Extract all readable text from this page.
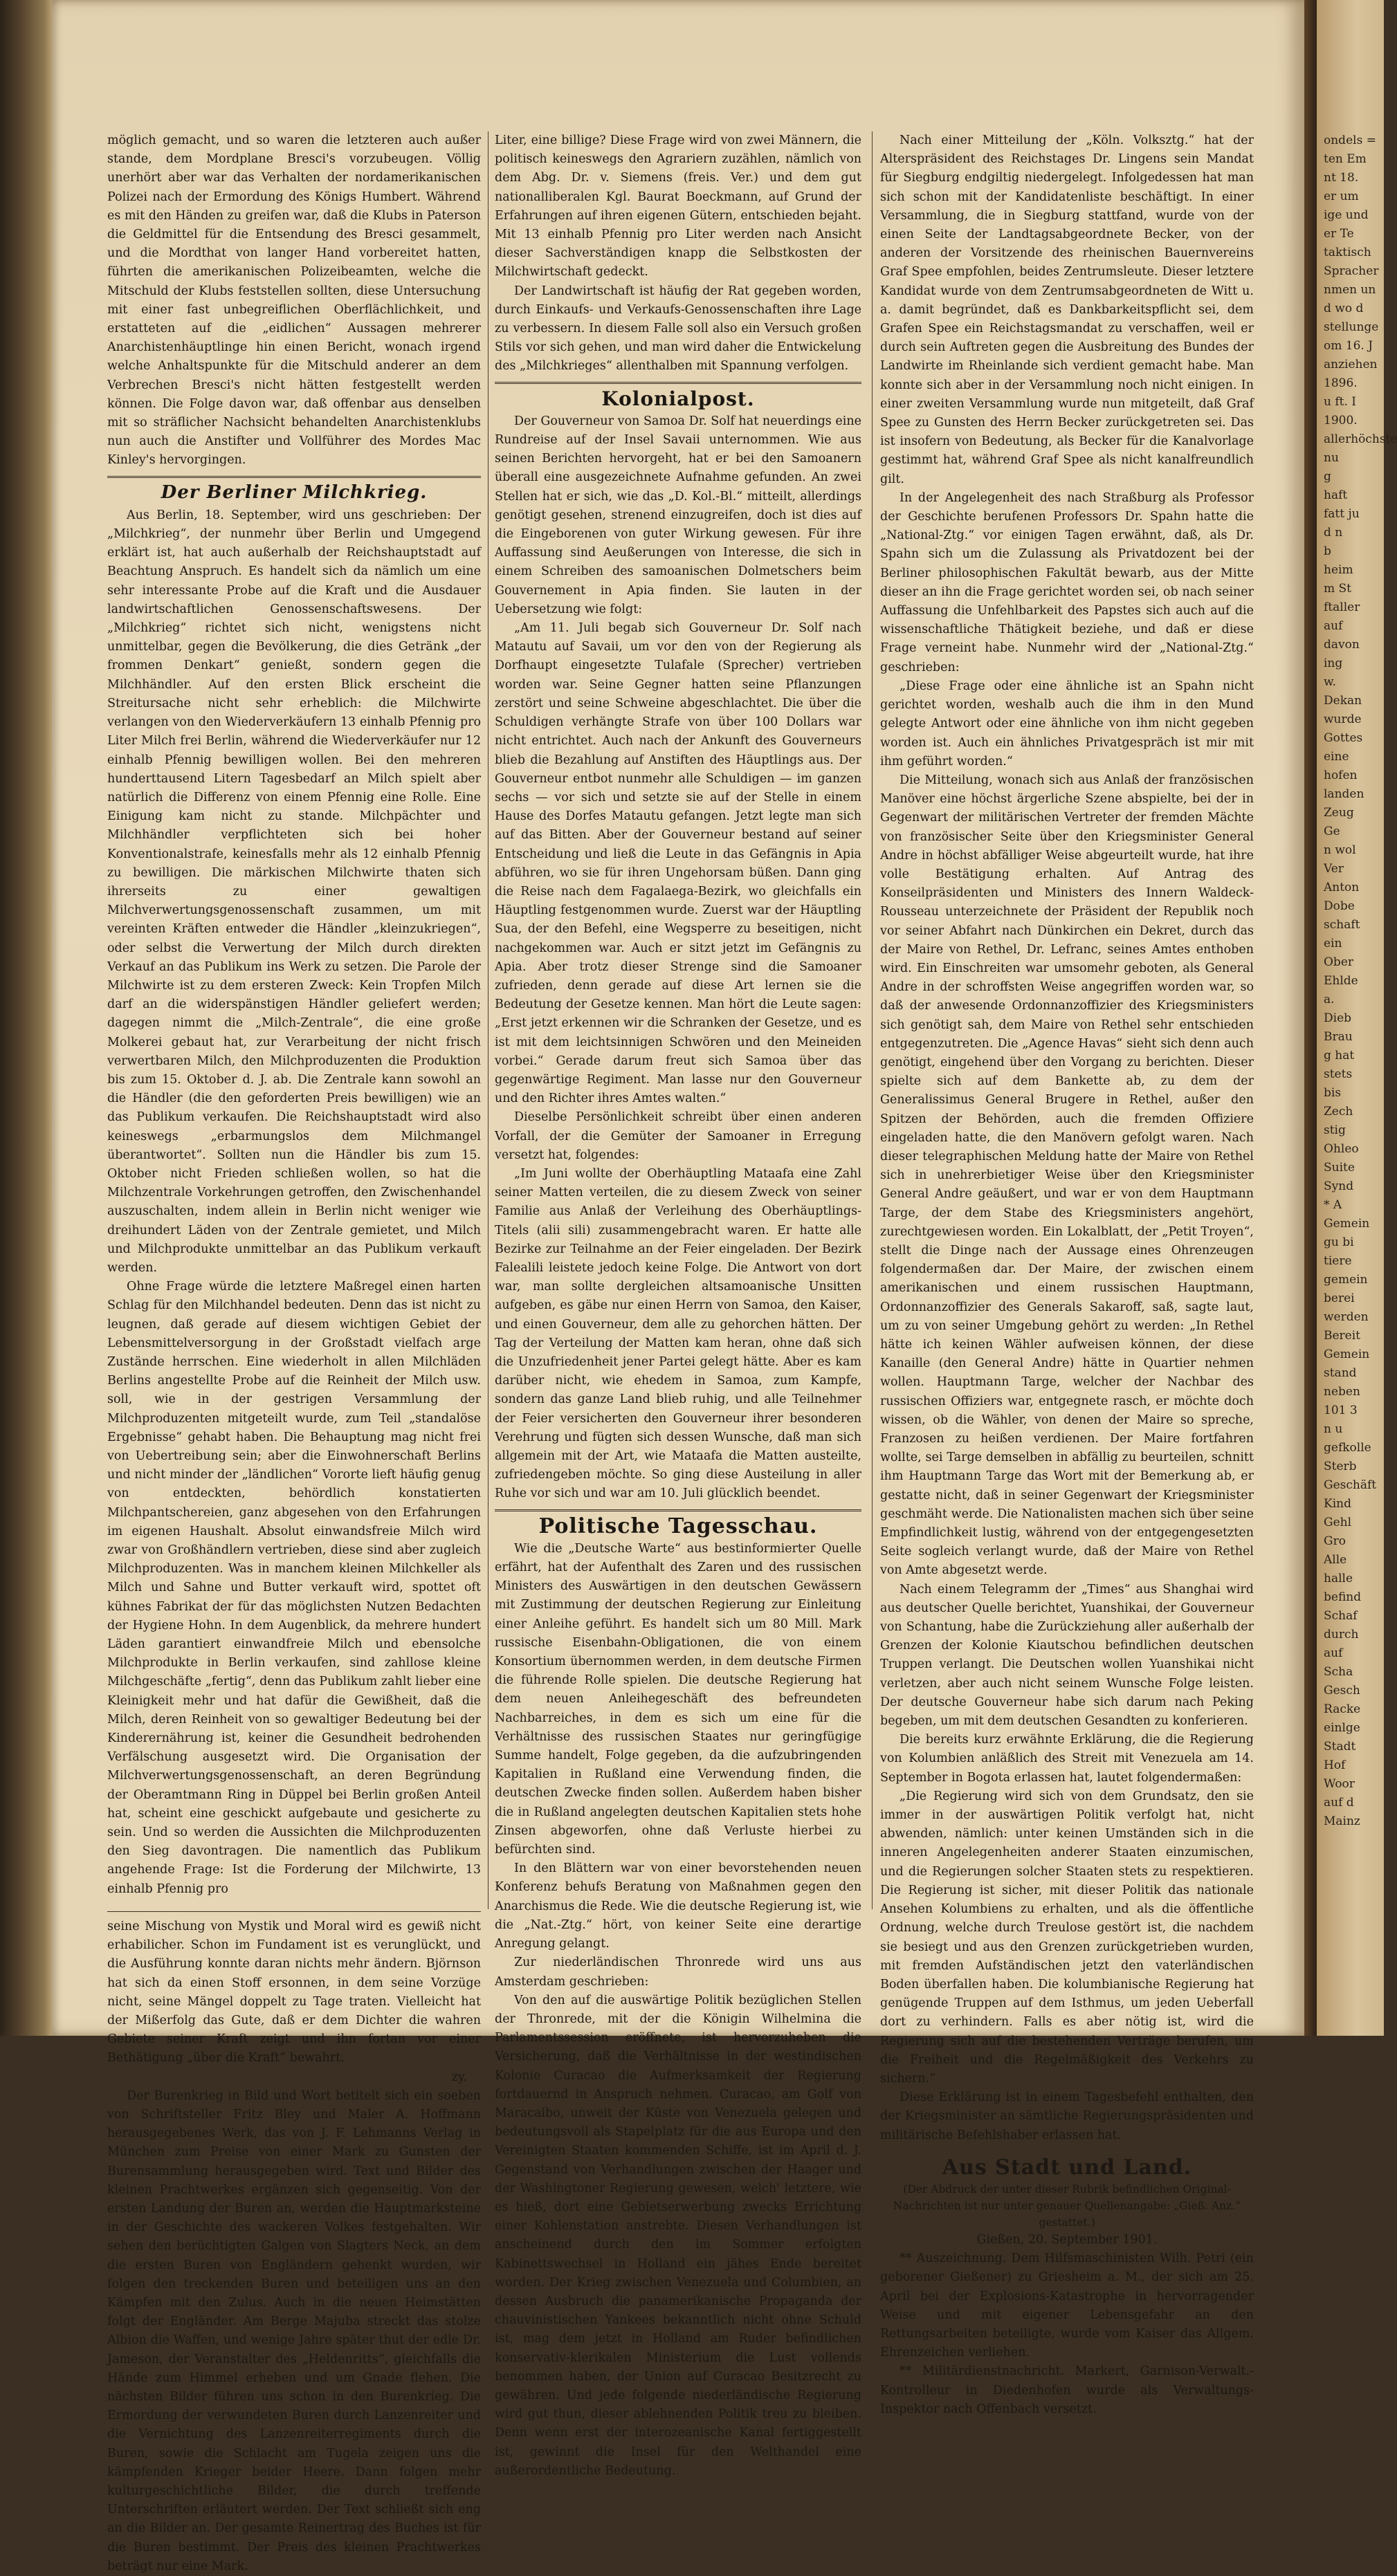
möglich gemacht, und so waren die letzteren auch außer stande, dem Mordplane Bresci's vorzubeugen. Völlig unerhört aber war das Verhalten der nordamerikanischen Polizei nach der Ermordung des Königs Humbert. Während es mit den Händen zu greifen war, daß die Klubs in Paterson die Geldmittel für die Entsendung des Bresci gesammelt, und die Mordthat von langer Hand vorbereitet hatten, führten die amerikanischen Polizeibeamten, welche die Mitschuld der Klubs feststellen sollten, diese Untersuchung mit einer fast unbegreiflichen Oberflächlichkeit, und erstatteten auf die „eidlichen“ Aussagen mehrerer Anarchistenhäuptlinge hin einen Bericht, wonach irgend welche Anhaltspunkte für die Mitschuld anderer an dem Verbrechen Bresci's nicht hätten festgestellt werden können. Die Folge davon war, daß offenbar aus denselben mit so sträflicher Nachsicht behandelten Anarchistenklubs nun auch die Anstifter und Vollführer des Mordes Mac Kinley's hervorgingen.

Der Berliner Milchkrieg.

Aus Berlin, 18. September, wird uns geschrieben: Der „Milchkrieg“, der nunmehr über Berlin und Umgegend erklärt ist, hat auch außerhalb der Reichshauptstadt auf Beachtung Anspruch. Es handelt sich da nämlich um eine sehr interessante Probe auf die Kraft und die Ausdauer landwirtschaftlichen Genossenschaftswesens. Der „Milchkrieg“ richtet sich nicht, wenigstens nicht unmittelbar, gegen die Bevölkerung, die dies Getränk „der frommen Denkart“ genießt, sondern gegen die Milchhändler. Auf den ersten Blick erscheint die Streitursache nicht sehr erheblich: die Milchwirte verlangen von den Wiederverkäufern 13 einhalb Pfennig pro Liter Milch frei Berlin, während die Wiederverkäufer nur 12 einhalb Pfennig bewilligen wollen. Bei den mehreren hunderttausend Litern Tagesbedarf an Milch spielt aber natürlich die Differenz von einem Pfennig eine Rolle. Eine Einigung kam nicht zu stande. Milchpächter und Milchhändler verpflichteten sich bei hoher Konventionalstrafe, keinesfalls mehr als 12 einhalb Pfennig zu bewilligen. Die märkischen Milchwirte thaten sich ihrerseits zu einer gewaltigen Milchverwertungsgenossenschaft zusammen, um mit vereinten Kräften entweder die Händler „kleinzukriegen“, oder selbst die Verwertung der Milch durch direkten Verkauf an das Publikum ins Werk zu setzen. Die Parole der Milchwirte ist zu dem ersteren Zweck: Kein Tropfen Milch darf an die widerspänstigen Händler geliefert werden; dagegen nimmt die „Milch-Zentrale“, die eine große Molkerei gebaut hat, zur Verarbeitung der nicht frisch verwertbaren Milch, den Milchproduzenten die Produktion bis zum 15. Oktober d. J. ab. Die Zentrale kann sowohl an die Händler (die den geforderten Preis bewilligen) wie an das Publikum verkaufen. Die Reichshauptstadt wird also keineswegs „erbarmungslos dem Milchmangel überantwortet“. Sollten nun die Händler bis zum 15. Oktober nicht Frieden schließen wollen, so hat die Milchzentrale Vorkehrungen getroffen, den Zwischenhandel auszuschalten, indem allein in Berlin nicht weniger wie dreihundert Läden von der Zentrale gemietet, und Milch und Milchprodukte unmittelbar an das Publikum verkauft werden.

Ohne Frage würde die letztere Maßregel einen harten Schlag für den Milchhandel bedeuten. Denn das ist nicht zu leugnen, daß gerade auf diesem wichtigen Gebiet der Lebensmittelversorgung in der Großstadt vielfach arge Zustände herrschen. Eine wiederholt in allen Milchläden Berlins angestellte Probe auf die Reinheit der Milch usw. soll, wie in der gestrigen Versammlung der Milchproduzenten mitgeteilt wurde, zum Teil „standalöse Ergebnisse“ gehabt haben. Die Behauptung mag nicht frei von Uebertreibung sein; aber die Einwohnerschaft Berlins und nicht minder der „ländlichen“ Vororte lieft häufig genug von entdeckten, behördlich konstatierten Milchpantschereien, ganz abgesehen von den Erfahrungen im eigenen Haushalt. Absolut einwandsfreie Milch wird zwar von Großhändlern vertrieben, diese sind aber zugleich Milchproduzenten. Was in manchem kleinen Milchkeller als Milch und Sahne und Butter verkauft wird, spottet oft kühnes Fabrikat der für das möglichsten Nutzen Bedachten der Hygiene Hohn. In dem Augenblick, da mehrere hundert Läden garantiert einwandfreie Milch und ebensolche Milchprodukte in Berlin verkaufen, sind zahllose kleine Milchgeschäfte „fertig“, denn das Publikum zahlt lieber eine Kleinigkeit mehr und hat dafür die Gewißheit, daß die Milch, deren Reinheit von so gewaltiger Bedeutung bei der Kinderernährung ist, keiner die Gesundheit bedrohenden Verfälschung ausgesetzt wird. Die Organisation der Milchverwertungsgenossenschaft, an deren Begründung der Oberamtmann Ring in Düppel bei Berlin großen Anteil hat, scheint eine geschickt aufgebaute und gesicherte zu sein. Und so werden die Aussichten die Milchproduzenten den Sieg davontragen. Die namentlich das Publikum angehende Frage: Ist die Forderung der Milchwirte, 13 einhalb Pfennig pro

seine Mischung von Mystik und Moral wird es gewiß nicht erhabilicher. Schon im Fundament ist es verunglückt, und die Ausführung konnte daran nichts mehr ändern. Björnson hat sich da einen Stoff ersonnen, in dem seine Vorzüge nicht, seine Mängel doppelt zu Tage traten. Vielleicht hat der Mißerfolg das Gute, daß er dem Dichter die wahren Gebiete seiner Kraft zeigt und ihn fortan vor einer Bethätigung „über die Kraft“ bewahrt.

zy.

Der Burenkrieg in Bild und Wort betitelt sich ein soeben von Schriftsteller Fritz Bley und Maler A. Hoffmann herausgegebenes Werk, das von J. F. Lehmanns Verlag in München zum Preise von einer Mark zu Gunsten der Burensammlung herausgegeben wird. Text und Bilder des kleinen Prachtwerkes ergänzen sich gegenseitig. Von der ersten Landung der Buren an, werden die Hauptmarksteine in der Geschichte des wackeren Volkes festgehalten. Wir sehen den berüchtigten Galgen von Slagters Neck, an dem die ersten Buren von Engländern gehenkt wurden, wir folgen den treckenden Buren und beteiligen uns an den Kämpfen mit den Zulus. Auch in die neuen Heimstätten folgt der Engländer. Am Berge Majuba streckt das stolze Albion die Waffen, und wenige Jahre später thut der edle Dr. Jameson, der Veranstalter des „Heldenritts“, gleichfalls die Hände zum Himmel erheben und um Gnade flehen. Die nächsten Bilder führen uns schon in den Burenkrieg. Die Ermordung der verwundeten Buren durch Lanzenreiter und die Vernichtung des Lanzenreiterregiments durch die Buren, sowie die Schlacht am Tugela zeigen uns die kämpfenden Krieger beider Heere. Dann folgen mehr kulturgeschichtliche Bilder, die durch treffende Unterschriften erläutert werden. Der Text schließt sich eng an die Bilder an. Der gesamte Reinertrag des Buches ist für die Buren bestimmt. Der Preis des kleinen Prachtwerkes beträgt nur eine Mark.

Liter, eine billige? Diese Frage wird von zwei Männern, die politisch keineswegs den Agrariern zuzählen, nämlich von dem Abg. Dr. v. Siemens (freis. Ver.) und dem gut nationalliberalen Kgl. Baurat Boeckmann, auf Grund der Erfahrungen auf ihren eigenen Gütern, entschieden bejaht. Mit 13 einhalb Pfennig pro Liter werden nach Ansicht dieser Sachverständigen knapp die Selbstkosten der Milchwirtschaft gedeckt.

Der Landwirtschaft ist häufig der Rat gegeben worden, durch Einkaufs- und Verkaufs-Genossenschaften ihre Lage zu verbessern. In diesem Falle soll also ein Versuch großen Stils vor sich gehen, und man wird daher die Entwickelung des „Milchkrieges“ allenthalben mit Spannung verfolgen.

Kolonialpost.

Der Gouverneur von Samoa Dr. Solf hat neuerdings eine Rundreise auf der Insel Savaii unternommen. Wie aus seinen Berichten hervorgeht, hat er bei den Samoanern überall eine ausgezeichnete Aufnahme gefunden. An zwei Stellen hat er sich, wie das „D. Kol.-Bl.“ mitteilt, allerdings genötigt gesehen, strenend einzugreifen, doch ist dies auf die Eingeborenen von guter Wirkung gewesen. Für ihre Auffassung sind Aeußerungen von Interesse, die sich in einem Schreiben des samoanischen Dolmetschers beim Gouvernement in Apia finden. Sie lauten in der Uebersetzung wie folgt:

„Am 11. Juli begab sich Gouverneur Dr. Solf nach Matautu auf Savaii, um vor den von der Regierung als Dorfhaupt eingesetzte Tulafale (Sprecher) vertrieben worden war. Seine Gegner hatten seine Pflanzungen zerstört und seine Schweine abgeschlachtet. Die über die Schuldigen verhängte Strafe von über 100 Dollars war nicht entrichtet. Auch nach der Ankunft des Gouverneurs blieb die Bezahlung auf Anstiften des Häuptlings aus. Der Gouverneur entbot nunmehr alle Schuldigen — im ganzen sechs — vor sich und setzte sie auf der Stelle in einem Hause des Dorfes Matautu gefangen. Jetzt legte man sich auf das Bitten. Aber der Gouverneur bestand auf seiner Entscheidung und ließ die Leute in das Gefängnis in Apia abführen, wo sie für ihren Ungehorsam büßen. Dann ging die Reise nach dem Fagalaega-Bezirk, wo gleichfalls ein Häuptling festgenommen wurde. Zuerst war der Häuptling Sua, der den Befehl, eine Wegsperre zu beseitigen, nicht nachgekommen war. Auch er sitzt jetzt im Gefängnis zu Apia. Aber trotz dieser Strenge sind die Samoaner zufrieden, denn gerade auf diese Art lernen sie die Bedeutung der Gesetze kennen. Man hört die Leute sagen: „Erst jetzt erkennen wir die Schranken der Gesetze, und es ist mit dem leichtsinnigen Schwören und den Meineiden vorbei.“ Gerade darum freut sich Samoa über das gegenwärtige Regiment. Man lasse nur den Gouverneur und den Richter ihres Amtes walten.“

Dieselbe Persönlichkeit schreibt über einen anderen Vorfall, der die Gemüter der Samoaner in Erregung versetzt hat, folgendes:

„Im Juni wollte der Oberhäuptling Mataafa eine Zahl seiner Matten verteilen, die zu diesem Zweck von seiner Familie aus Anlaß der Verleihung des Oberhäuptlings-Titels (alii sili) zusammengebracht waren. Er hatte alle Bezirke zur Teilnahme an der Feier eingeladen. Der Bezirk Falealili leistete jedoch keine Folge. Die Antwort von dort war, man sollte dergleichen altsamoanische Unsitten aufgeben, es gäbe nur einen Herrn von Samoa, den Kaiser, und einen Gouverneur, dem alle zu gehorchen hätten. Der Tag der Verteilung der Matten kam heran, ohne daß sich die Unzufriedenheit jener Partei gelegt hätte. Aber es kam darüber nicht, wie ehedem in Samoa, zum Kampfe, sondern das ganze Land blieb ruhig, und alle Teilnehmer der Feier versicherten den Gouverneur ihrer besonderen Verehrung und fügten sich dessen Wunsche, daß man sich allgemein mit der Art, wie Mataafa die Matten austeilte, zufriedengeben möchte. So ging diese Austeilung in aller Ruhe vor sich und war am 10. Juli glücklich beendet.

Politische Tagesschau.

Wie die „Deutsche Warte“ aus bestinformierter Quelle erfährt, hat der Aufenthalt des Zaren und des russischen Ministers des Auswärtigen in den deutschen Gewässern mit Zustimmung der deutschen Regierung zur Einleitung einer Anleihe geführt. Es handelt sich um 80 Mill. Mark russische Eisenbahn-Obligationen, die von einem Konsortium übernommen werden, in dem deutsche Firmen die führende Rolle spielen. Die deutsche Regierung hat dem neuen Anleihegeschäft des befreundeten Nachbarreiches, in dem es sich um eine für die Verhältnisse des russischen Staates nur geringfügige Summe handelt, Folge gegeben, da die aufzubringenden Kapitalien in Rußland eine Verwendung finden, die deutschen Zwecke finden sollen. Außerdem haben bisher die in Rußland angelegten deutschen Kapitalien stets hohe Zinsen abgeworfen, ohne daß Verluste hierbei zu befürchten sind.

In den Blättern war von einer bevorstehenden neuen Konferenz behufs Beratung von Maßnahmen gegen den Anarchismus die Rede. Wie die deutsche Regierung ist, wie die „Nat.-Ztg.“ hört, von keiner Seite eine derartige Anregung gelangt.

Zur niederländischen Thronrede wird uns aus Amsterdam geschrieben:

Von den auf die auswärtige Politik bezüglichen Stellen der Thronrede, mit der die Königin Wilhelmina die Parlamentssession eröffnete, ist hervorzuheben die Versicherung, daß die Verhältnisse in der westindischen Kolonie Curacao die Aufmerksamkeit der Regierung fortdauernd in Anspruch nehmen. Curacao, am Golf von Maracaibo, unweit der Küste von Venezuela gelegen und bedeutungsvoll als Stapelplatz für die aus Europa und den Vereinigten Staaten kommenden Schiffe, ist im April d. J. Gegenstand von Verhandlungen zwischen der Haager und der Washingtoner Regierung gewesen, welch' letztere, wie es hieß, dort eine Gebietserwerbung zwecks Errichtung einer Kohlenstation anstrebte. Diesen Verhandlungen ist anscheinend durch den im Sommer erfolgten Kabinettswechsel in Holland ein jähes Ende bereitet worden. Der Krieg zwischen Venezuela und Columbien, an dessen Ausbruch die panamerikanische Propaganda der chauvinistischen Yankees bekanntlich nicht ohne Schuld ist, mag dem jetzt in Holland am Ruder befindlichen konservativ-klerikalen Ministerium die Lust vollends benommen haben, der Union auf Curacao Besitzrecht zu gewähren. Und jede folgende niederländische Regierung wird gut thun, dieser ablehnenden Politik treu zu bleiben. Denn wenn erst der interozeanische Kanal fertiggestellt ist, gewinnt die Insel für den Welthandel eine außerordentliche Bedeutung.

Nach einer Mitteilung der „Köln. Volksztg.“ hat der Alterspräsident des Reichstages Dr. Lingens sein Mandat für Siegburg endgiltig niedergelegt. Infolgedessen hat man sich schon mit der Kandidatenliste beschäftigt. In einer Versammlung, die in Siegburg stattfand, wurde von der einen Seite der Landtagsabgeordnete Becker, von der anderen der Vorsitzende des rheinischen Bauernvereins Graf Spee empfohlen, beides Zentrumsleute. Dieser letztere Kandidat wurde von dem Zentrumsabgeordneten de Witt u. a. damit begründet, daß es Dankbarkeitspflicht sei, dem Grafen Spee ein Reichstagsmandat zu verschaffen, weil er durch sein Auftreten gegen die Ausbreitung des Bundes der Landwirte im Rheinlande sich verdient gemacht habe. Man konnte sich aber in der Versammlung noch nicht einigen. In einer zweiten Versammlung wurde nun mitgeteilt, daß Graf Spee zu Gunsten des Herrn Becker zurückgetreten sei. Das ist insofern von Bedeutung, als Becker für die Kanalvorlage gestimmt hat, während Graf Spee als nicht kanalfreundlich gilt.

In der Angelegenheit des nach Straßburg als Professor der Geschichte berufenen Professors Dr. Spahn hatte die „National-Ztg.“ vor einigen Tagen erwähnt, daß, als Dr. Spahn sich um die Zulassung als Privatdozent bei der Berliner philosophischen Fakultät bewarb, aus der Mitte dieser an ihn die Frage gerichtet worden sei, ob nach seiner Auffassung die Unfehlbarkeit des Papstes sich auch auf die wissenschaftliche Thätigkeit beziehe, und daß er diese Frage verneint habe. Nunmehr wird der „National-Ztg.“ geschrieben:

„Diese Frage oder eine ähnliche ist an Spahn nicht gerichtet worden, weshalb auch die ihm in den Mund gelegte Antwort oder eine ähnliche von ihm nicht gegeben worden ist. Auch ein ähnliches Privatgespräch ist mir mit ihm geführt worden.“

Die Mitteilung, wonach sich aus Anlaß der französischen Manöver eine höchst ärgerliche Szene abspielte, bei der in Gegenwart der militärischen Vertreter der fremden Mächte von französischer Seite über den Kriegsminister General Andre in höchst abfälliger Weise abgeurteilt wurde, hat ihre volle Bestätigung erhalten. Auf Antrag des Konseilpräsidenten und Ministers des Innern Waldeck-Rousseau unterzeichnete der Präsident der Republik noch vor seiner Abfahrt nach Dünkirchen ein Dekret, durch das der Maire von Rethel, Dr. Lefranc, seines Amtes enthoben wird. Ein Einschreiten war umsomehr geboten, als General Andre in der schroffsten Weise angegriffen worden war, so daß der anwesende Ordonnanzoffizier des Kriegsministers sich genötigt sah, dem Maire von Rethel sehr entschieden entgegenzutreten. Die „Agence Havas“ sieht sich denn auch genötigt, eingehend über den Vorgang zu berichten. Dieser spielte sich auf dem Bankette ab, zu dem der Generalissimus General Brugere in Rethel, außer den Spitzen der Behörden, auch die fremden Offiziere eingeladen hatte, die den Manövern gefolgt waren. Nach dieser telegraphischen Meldung hatte der Maire von Rethel sich in unehrerbietiger Weise über den Kriegsminister General Andre geäußert, und war er von dem Hauptmann Targe, der dem Stabe des Kriegsministers angehört, zurechtgewiesen worden. Ein Lokalblatt, der „Petit Troyen“, stellt die Dinge nach der Aussage eines Ohrenzeugen folgendermaßen dar. Der Maire, der zwischen einem amerikanischen und einem russischen Hauptmann, Ordonnanzoffizier des Generals Sakaroff, saß, sagte laut, um zu von seiner Umgebung gehört zu werden: „In Rethel hätte ich keinen Wähler aufweisen können, der diese Kanaille (den General Andre) hätte in Quartier nehmen wollen. Hauptmann Targe, welcher der Nachbar des russischen Offiziers war, entgegnete rasch, er möchte doch wissen, ob die Wähler, von denen der Maire so spreche, Franzosen zu heißen verdienen. Der Maire fortfahren wollte, sei Targe demselben in abfällig zu beurteilen, schnitt ihm Hauptmann Targe das Wort mit der Bemerkung ab, er gestatte nicht, daß in seiner Gegenwart der Kriegsminister geschmäht werde. Die Nationalisten machen sich über seine Empfindlichkeit lustig, während von der entgegengesetzten Seite sogleich verlangt wurde, daß der Maire von Rethel von Amte abgesetzt werde.

Nach einem Telegramm der „Times“ aus Shanghai wird aus deutscher Quelle berichtet, Yuanshikai, der Gouverneur von Schantung, habe die Zurückziehung aller außerhalb der Grenzen der Kolonie Kiautschou befindlichen deutschen Truppen verlangt. Die Deutschen wollen Yuanshikai nicht verletzen, aber auch nicht seinem Wunsche Folge leisten. Der deutsche Gouverneur habe sich darum nach Peking begeben, um mit dem deutschen Gesandten zu konferieren.

Die bereits kurz erwähnte Erklärung, die die Regierung von Kolumbien anläßlich des Streit mit Venezuela am 14. September in Bogota erlassen hat, lautet folgendermaßen:

„Die Regierung wird sich von dem Grundsatz, den sie immer in der auswärtigen Politik verfolgt hat, nicht abwenden, nämlich: unter keinen Umständen sich in die inneren Angelegenheiten anderer Staaten einzumischen, und die Regierungen solcher Staaten stets zu respektieren. Die Regierung ist sicher, mit dieser Politik das nationale Ansehen Kolumbiens zu erhalten, und als die öffentliche Ordnung, welche durch Treulose gestört ist, die nachdem sie besiegt und aus den Grenzen zurückgetrieben wurden, mit fremden Aufständischen jetzt den vaterländischen Boden überfallen haben. Die kolumbianische Regierung hat genügende Truppen auf dem Isthmus, um jeden Ueberfall dort zu verhindern. Falls es aber nötig ist, wird die Regierung sich auf die bestehenden Verträge berufen, um die Freiheit und die Regelmäßigkeit des Verkehrs zu sichern.“

Diese Erklärung ist in einem Tagesbefehl enthalten, den der Kriegsminister an sämtliche Regierungspräsidenten und militärische Befehlshaber erlassen hat.

Aus Stadt und Land.
(Der Abdruck der unter dieser Rubrik befindlichen Original-Nachrichten ist nur unter genauer Quellenangabe: „Gieß. Anz.“ gestattet.)
Gießen, 20. September 1901.

** Auszeichnung. Dem Hilfsmaschinisten Wilh. Petri (ein geborener Gießener) zu Griesheim a. M., der sich am 25. April bei der Explosions-Katastrophe in hervorragender Weise und mit eigener Lebensgefahr an den Rettungsarbeiten beteiligte, wurde vom Kaiser das Allgem. Ehrenzeichen verliehen.

** Militärdienstnachricht. Markert, Garnison-Verwalt.-Kontrolleur in Diedenhofen wurde als Verwaltungs-Inspektor nach Offenbach versetzt.

ondels =
ten Em
nt 18.
er um
ige und
er Te
taktisch
Spracher
nmen un
d wo d
stellunge
om 16. J
anziehen
1896.
u ft. I
1900.
allerhöchste
nu
g
haft
fatt ju
d n
b
heim
m St
ftaller
auf
davon
ing
w.
Dekan
wurde
Gottes
eine
hofen
landen
Zeug
Ge
n wol
Ver
Anton
Dobe
schaft
ein
Ober
Ehlde
a.
Dieb
Brau
g hat
stets
bis
Zech
stig
Ohleo
Suite
Synd
* A
Gemein
gu bi
tiere
gemein
berei
werden
Bereit
Gemein
stand
neben
101 3
n u
gefkolle
Sterb
Geschäft
Kind
Gehl
Gro
Alle
halle
befind
Schaf
durch
auf
Scha
Gesch
Racke
einlge
Stadt
Hof
Woor
auf d
Mainz
